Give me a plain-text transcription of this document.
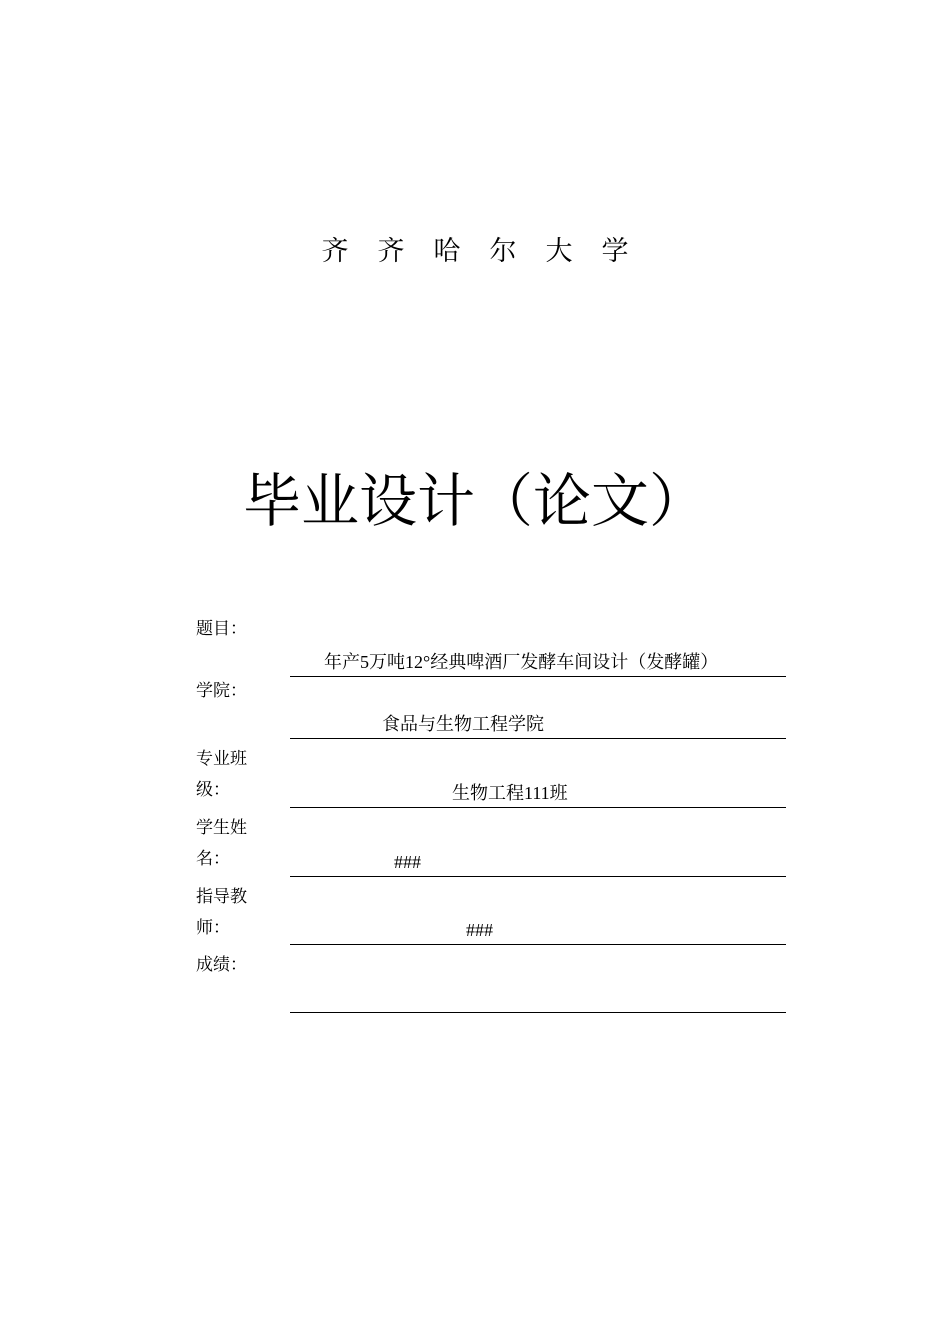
齐齐哈尔大学
毕业设计（论文）
题目：
年产5万吨12°经典啤酒厂发酵车间设计（发酵罐）
学院：
食品与生物工程学院
专业班级：	生物工程111班
学生姓名：	###
指导教师：	###
成绩：
